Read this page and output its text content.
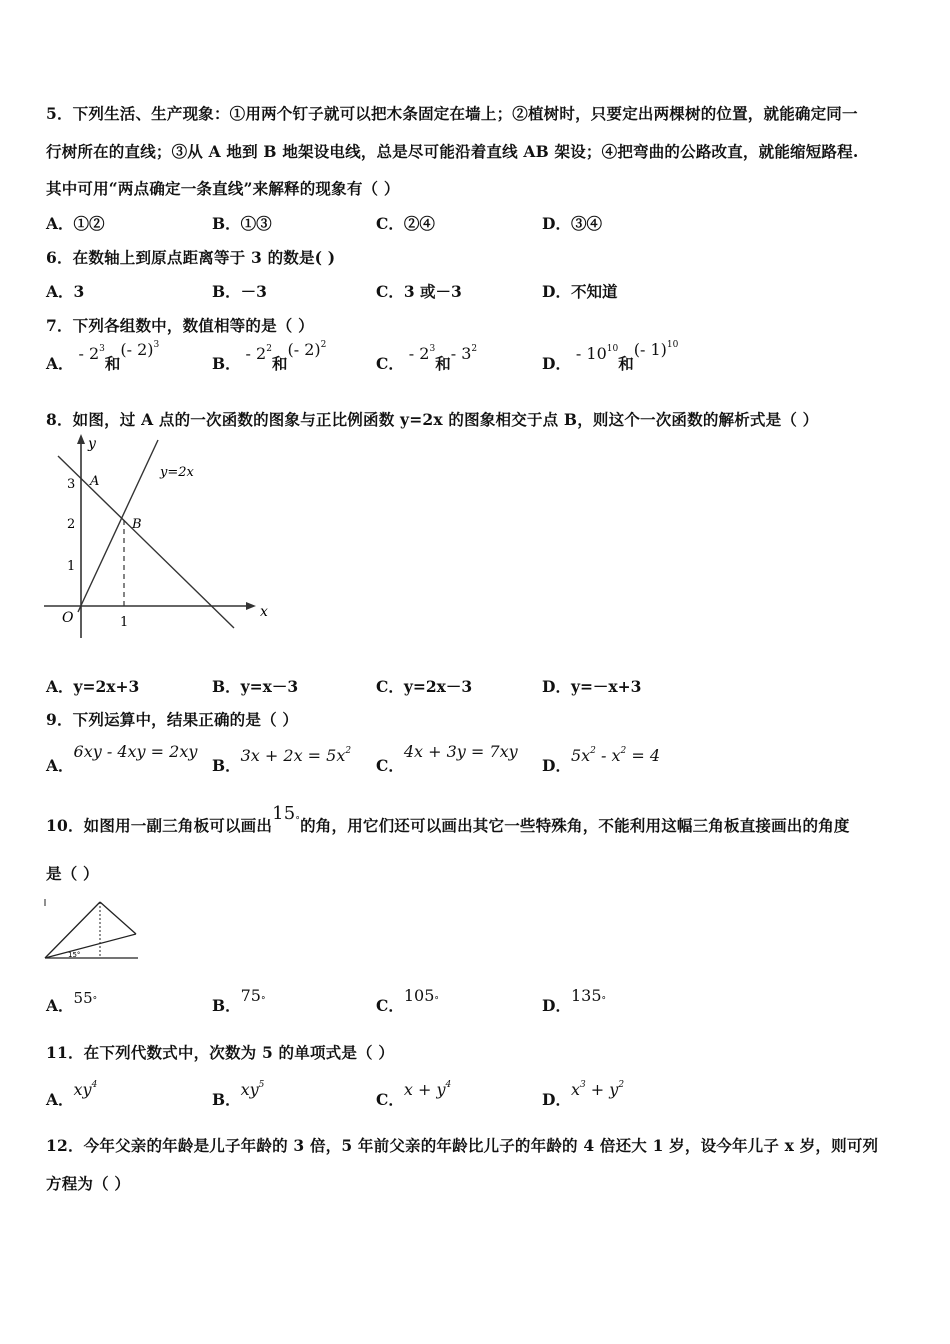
5．下列生活、生产现象：①用两个钉子就可以把木条固定在墙上；②植树时，只要定出两棵树的位置，就能确定同一
行树所在的直线；③从 A 地到 B 地架设电线，总是尽可能沿着直线 AB 架设；④把弯曲的公路改直，就能缩短路程.
其中可用“两点确定一条直线”来解释的现象有（ ）
A．①②	B．①③	C．②④	D．③④
6．在数轴上到原点距离等于 3 的数是( )
A．3	B．－3	C．3 或－3	D．不知道
7．下列各组数中，数值相等的是（ ）
A． - $2^3$和(- 2)$^3$
B． - $2^2$和(- 2)$^2$
C． - $2^3$和- $3^2$
D． - $10^{10}$和(- 1)$^{10}$
8．如图，过 A 点的一次函数的图象与正比例函数 y=2x 的图象相交于点 B，则这个一次函数的解析式是（ ）
y
x
O
y=2x
A
B
3
2
1
1
A．y=2x+3	B．y=x－3	C．y=2x－3	D．y=－x+3
9．下列运算中，结果正确的是（ ）
A．6xy - 4xy = 2xy
B．$3x + 2x = 5x^2$
C．4x + 3y = 7xy
D．$5x^2 - x^2 = 4$
10．如图用一副三角板可以画出15°的角，用它们还可以画出其它一些特殊角，不能利用这幅三角板直接画出的角度
是（ ）
15°
A．55°	B．75°	C．105°	D．135°
11．在下列代数式中，次数为 5 的单项式是（ ）
A．$xy^4$
B．$xy^5$
C．$x + y^4$
D．$x^3 + y^2$
12．今年父亲的年龄是儿子年龄的 3 倍，5 年前父亲的年龄比儿子的年龄的 4 倍还大 1 岁，设今年儿子 x 岁，则可列
方程为（ ）
